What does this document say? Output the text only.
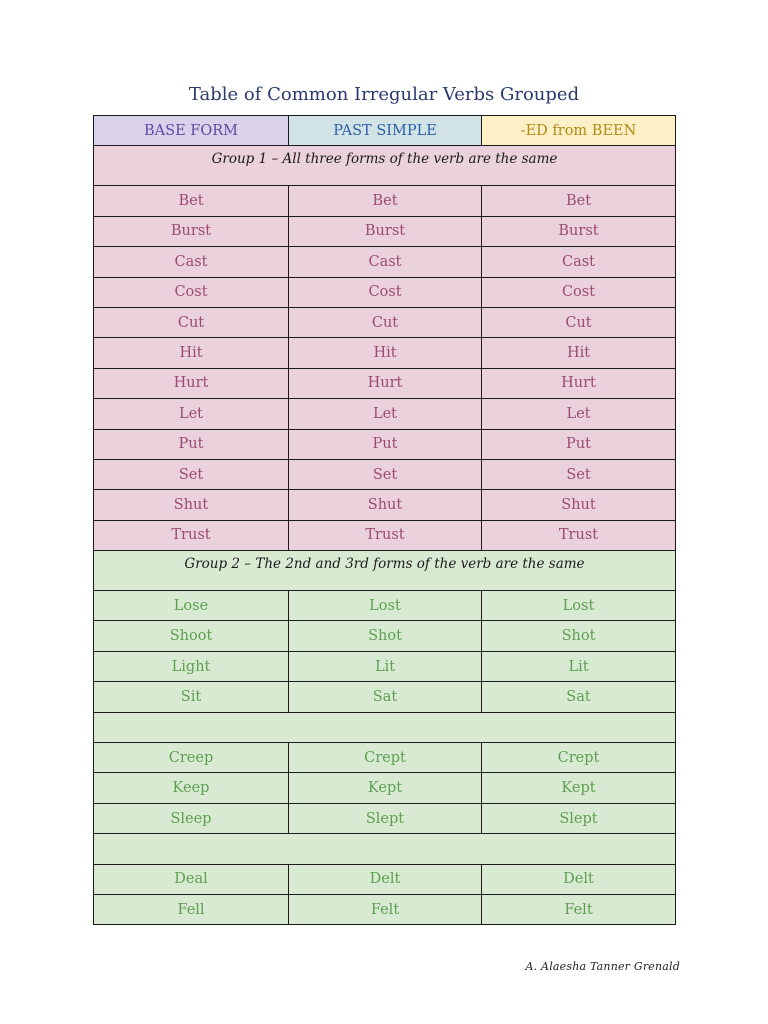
Table of Common Irregular Verbs Grouped
BASE FORM	PAST SIMPLE	-ED from BEEN
Group 1 – All three forms of the verb are the same		
Bet	Bet	Bet
Burst	Burst	Burst
Cast	Cast	Cast
Cost	Cost	Cost
Cut	Cut	Cut
Hit	Hit	Hit
Hurt	Hurt	Hurt
Let	Let	Let
Put	Put	Put
Set	Set	Set
Shut	Shut	Shut
Trust	Trust	Trust
Group 2 – The 2nd and 3rd forms of the verb are the same		
Lose	Lost	Lost
Shoot	Shot	Shot
Light	Lit	Lit
Sit	Sat	Sat

Creep	Crept	Crept
Keep	Kept	Kept
Sleep	Slept	Slept

Deal	Delt	Delt
Fell	Felt	Felt
A. Alaesha Tanner Grenald
